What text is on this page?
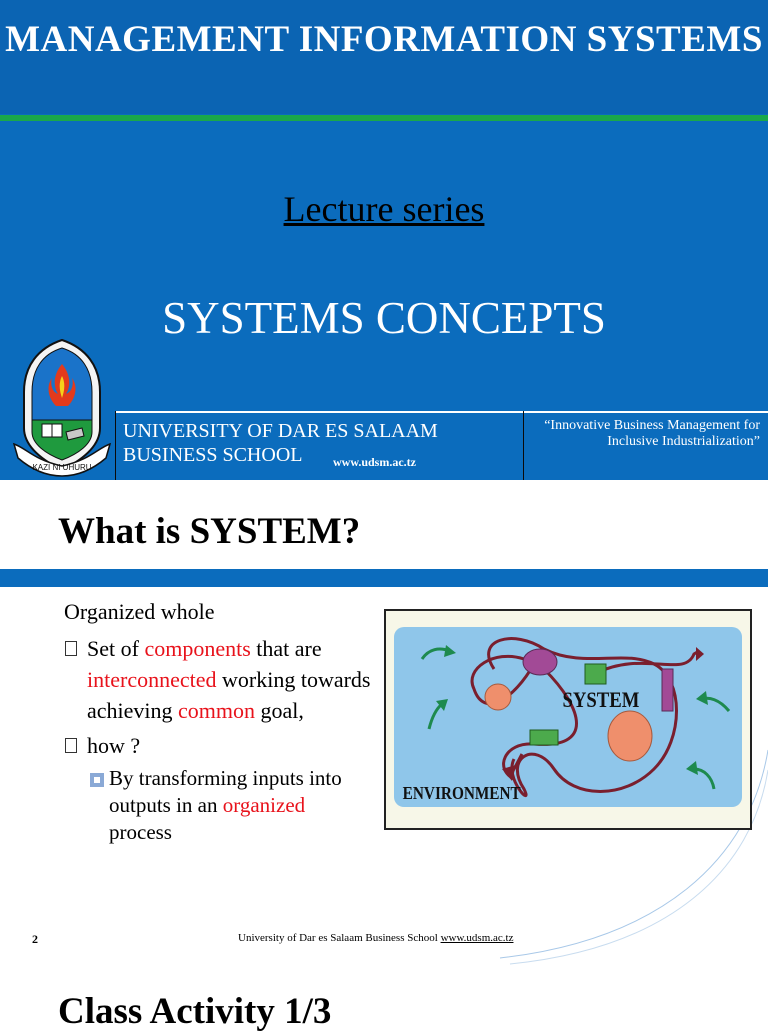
MANAGEMENT INFORMATION SYSTEMS
Lecture series
SYSTEMS CONCEPTS
KAZI NI UHURU
UNIVERSITY OF DAR ES SALAAM
BUSINESS SCHOOL	www.udsm.ac.tz
“Innovative Business Management for
Inclusive Industrialization”
What is SYSTEM?

Organized whole

Set of components that are interconnected working towards achieving common goal,
how ?
By transforming inputs into outputs in an organized
process
SYSTEM
ENVIRONMENT
2	University of Dar es Salaam Business School www.udsm.ac.tz
Class Activity 1/3
